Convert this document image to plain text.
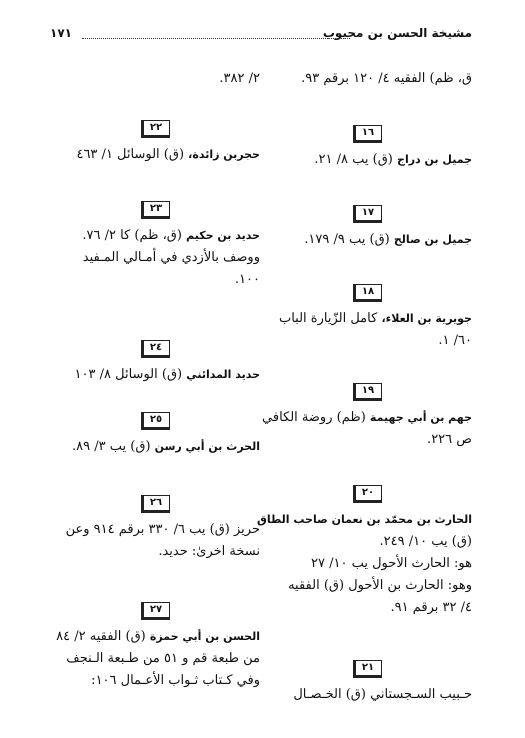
مشيخة الحسن بن محبوب
١٧١
ق، ظم) الفقيه ٤/ ١٢٠ برقم ٩٣.
١٦
جميل بن دراج (ق) يب ٨/ ٢١.
١٧
جميل بن صالح (ق) يب ٩/ ١٧٩.
١٨
جويرية بن العلاء، كامل الزّيارة الباب
٦٠/ ١.
١٩
جهم بن أبي جهيمة (ظم) روضة الكافي
ص ٢٢٦.
٢٠
الحارث بن محمّد بن نعمان صاحب الطاق
(ق) يب ١٠/ ٢٤٩.
هو: الحارث الأحول يب ١٠/ ٢٧
وهو: الحارث بن الأحول (ق) الفقيه
٤/ ٣٢ برقم ٩١.
٢١
حـبيب السـجستاني (ق) الخـصـال
٢/ ٣٨٢.
٢٢
حجربن زائدة، (ق) الوسائل ١/ ٤٦٣
٢٣
حديد بن حكيم (ق، ظم) كا ٢/ ٧٦.
ووصف بالأزدي في أمـالي المـفيد
١٠٠.
٢٤
حديد المدائني (ق) الوسائل ٨/ ١٠٣
٢٥
الحرث بن أبي رسن (ق) يب ٣/ ٨٩.
٢٦
حريز (ق) يب ٦/ ٣٣٠ برقم ٩١٤ وعن
نسخة اخرىٰ: حديد.
٢٧
الحسن بن أبي حمزة (ق) الفقيه ٢/ ٨٤
من طبعة قم و ٥١ من طـبعة الـنجف
وفي كـتاب ثـواب الأعـمال ١٠٦:
